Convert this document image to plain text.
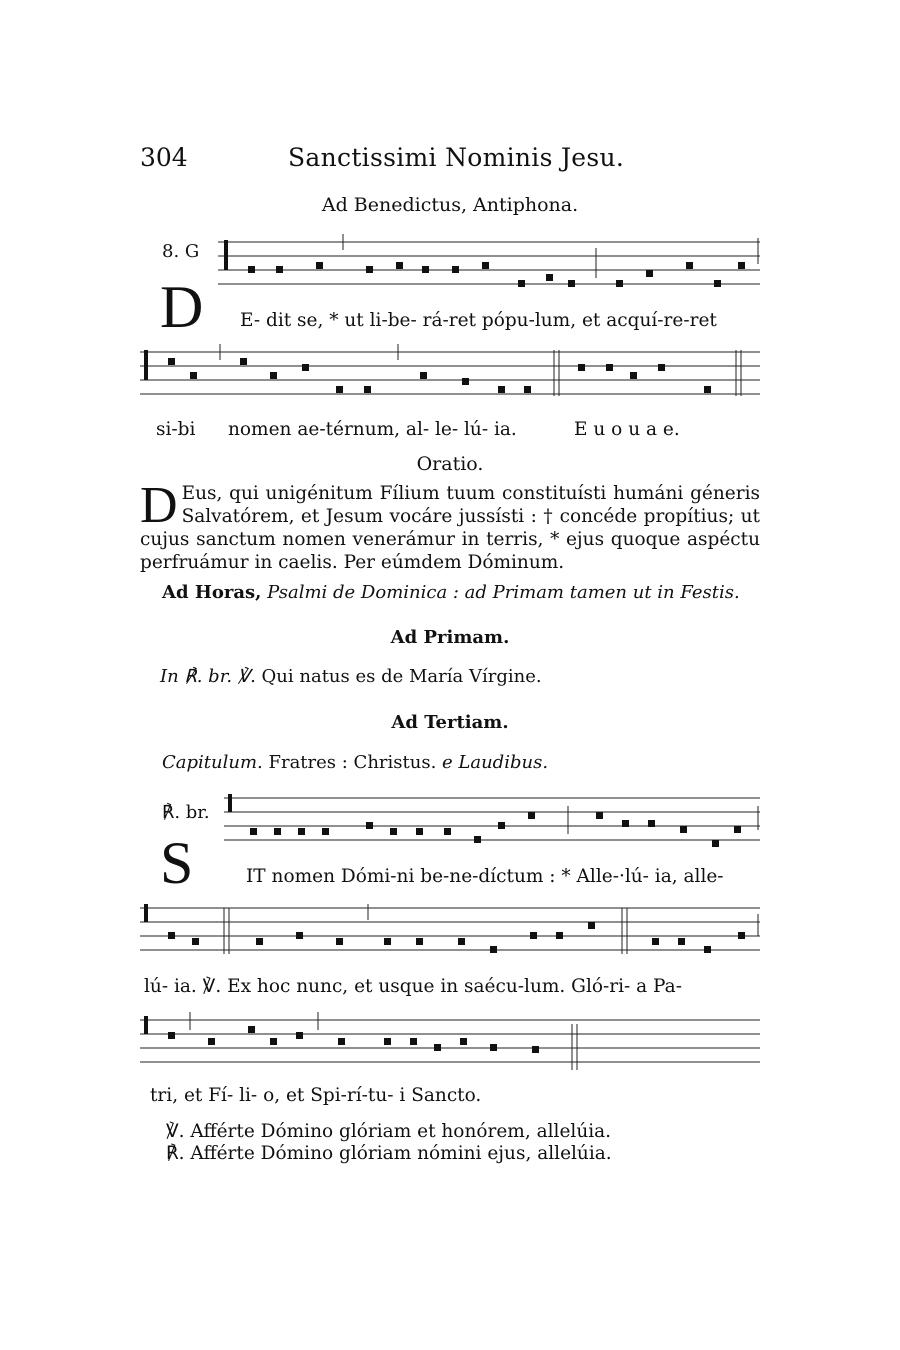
304	Sanctissimi Nominis Jesu.
Ad Benedictus, Antiphona.
8. G
D E- dit se, * ut li-be- rá-ret pópu-lum, et acquí-re-ret
si-bi nomen ae-térnum, al- le- lú- ia.	E u o u a e.
Oratio.
D Eus, qui unigénitum Fílium tuum constituísti humáni géneris Salvatórem, et Jesum vocáre jussísti : † concéde propítius; ut cujus sanctum nomen venerámur in terris, * ejus quoque aspéctu perfruámur in caelis. Per eúmdem Dóminum.
Ad Horas, Psalmi de Dominica : ad Primam tamen ut in Festis.
Ad Primam.
In ℟. br. ℣. Qui natus es de María Vírgine.
Ad Tertiam.
Capitulum. Fratres : Christus. e Laudibus.
℟. br.
S	IT nomen Dómi-ni be-ne-díctum : * Alle-·lú- ia, alle-
lú- ia. ℣. Ex hoc nunc, et usque in saécu-lum. Gló-ri- a Pa-
tri, et Fí- li- o, et Spi-rí-tu- i Sancto.
℣. Afférte Dómino glóriam et honórem, allelúia.
℟. Afférte Dómino glóriam nómini ejus, allelúia.
